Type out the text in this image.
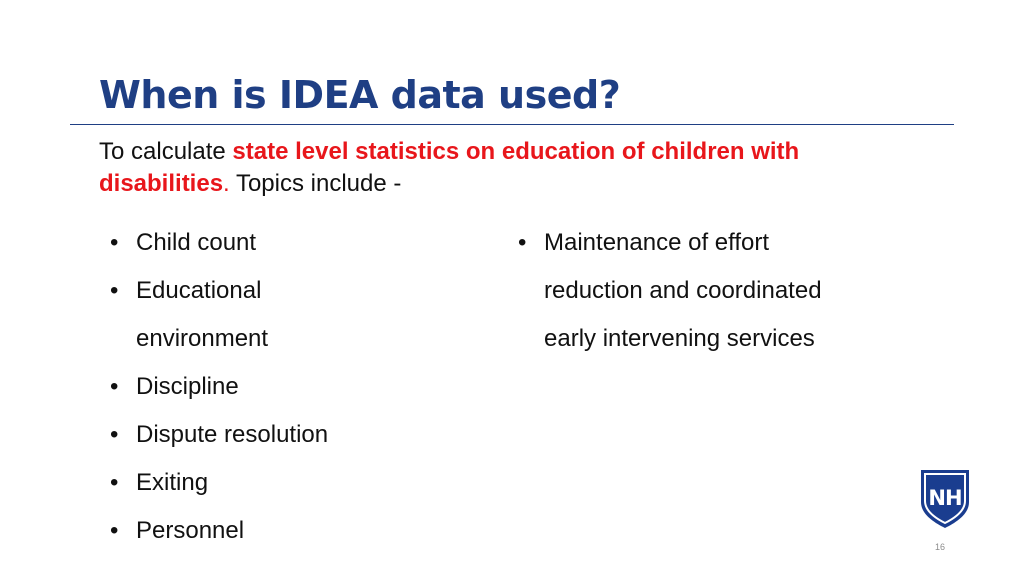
When is IDEA data used?

To calculate state level statistics on education of children with disabilities. Topics include -

• Child count
• Educational environment
• Discipline
• Dispute resolution
• Exiting
• Personnel
• Maintenance of effort reduction and coordinated early intervening services
NH
16
